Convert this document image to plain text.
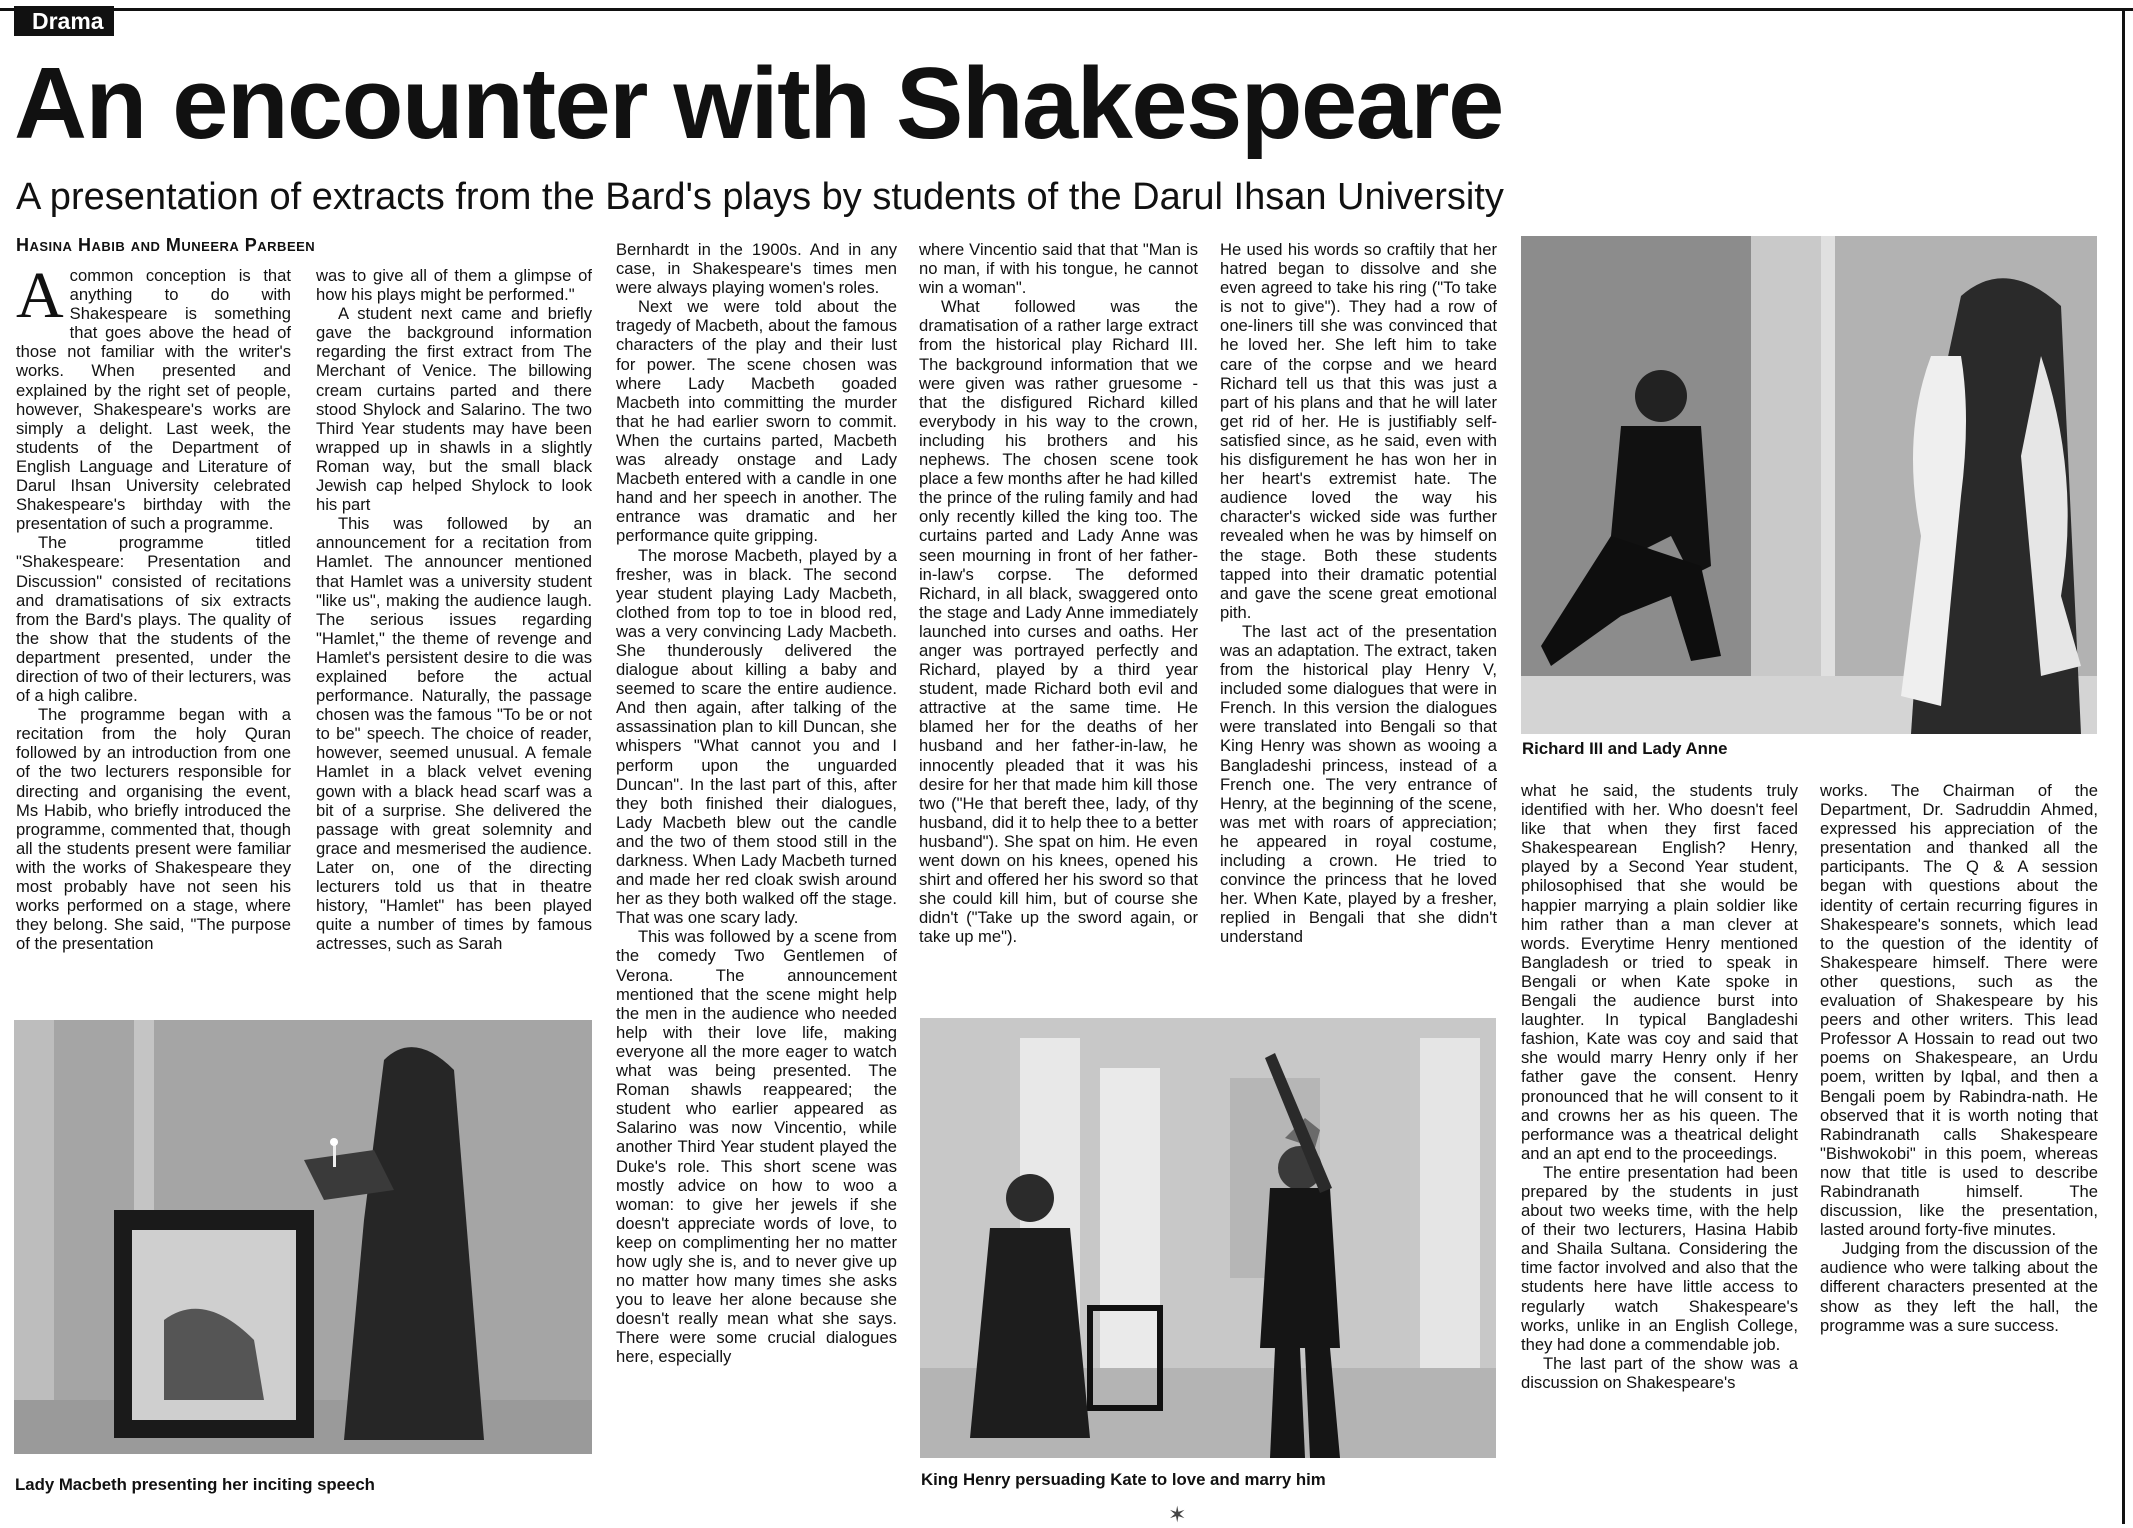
Drama
An encounter with Shakespeare
A presentation of extracts from the Bard's plays by students of the Darul Ihsan University
Hasina Habib and Muneera Parbeen

Acommon conception is that anything to do with Shakespeare is something that goes above the head of those not familiar with the writer's works. When presented and explained by the right set of people, however, Shakespeare's works are simply a delight. Last week, the students of the Department of English Language and Literature of Darul Ihsan University celebrated Shakespeare's birthday with the presentation of such a programme.

The programme titled "Shakespeare: Presentation and Discussion" consisted of recitations and dramatisations of six extracts from the Bard's plays. The quality of the show that the students of the department presented, under the direction of two of their lecturers, was of a high calibre.

The programme began with a recitation from the holy Quran followed by an introduction from one of the two lecturers responsible for directing and organising the event, Ms Habib, who briefly introduced the programme, commented that, though all the students present were familiar with the works of Shakespeare they most probably have not seen his works performed on a stage, where they belong. She said, "The purpose of the presentation

was to give all of them a glimpse of how his plays might be performed."

A student next came and briefly gave the background information regarding the first extract from The Merchant of Venice. The billowing cream curtains parted and there stood Shylock and Salarino. The two Third Year students may have been wrapped up in shawls in a slightly Roman way, but the small black Jewish cap helped Shylock to look his part

This was followed by an announcement for a recitation from Hamlet. The announcer mentioned that Hamlet was a university student "like us", making the audience laugh. The serious issues regarding "Hamlet," the theme of revenge and Hamlet's persistent desire to die was explained before the actual performance. Naturally, the passage chosen was the famous "To be or not to be" speech. The choice of reader, however, seemed unusual. A female Hamlet in a black velvet evening gown with a black head scarf was a bit of a surprise. She delivered the passage with great solemnity and grace and mesmerised the audience. Later on, one of the directing lecturers told us that in theatre history, "Hamlet" has been played quite a number of times by famous actresses, such as Sarah

Bernhardt in the 1900s. And in any case, in Shakespeare's times men were always playing women's roles.

Next we were told about the tragedy of Macbeth, about the famous characters of the play and their lust for power. The scene chosen was where Lady Macbeth goaded Macbeth into committing the murder that he had earlier sworn to commit. When the curtains parted, Macbeth was already onstage and Lady Macbeth entered with a candle in one hand and her speech in another. The entrance was dramatic and her performance quite gripping.

The morose Macbeth, played by a fresher, was in black. The second year student playing Lady Macbeth, clothed from top to toe in blood red, was a very convincing Lady Macbeth. She thunderously delivered the dialogue about killing a baby and seemed to scare the entire audience. And then again, after talking of the assassination plan to kill Duncan, she whispers "What cannot you and I perform upon the unguarded Duncan". In the last part of this, after they both finished their dialogues, Lady Macbeth blew out the candle and the two of them stood still in the darkness. When Lady Macbeth turned and made her red cloak swish around her as they both walked off the stage. That was one scary lady.

This was followed by a scene from the comedy Two Gentlemen of Verona. The announcement mentioned that the scene might help the men in the audience who needed help with their love life, making everyone all the more eager to watch what was being presented. The Roman shawls reappeared; the student who earlier appeared as Salarino was now Vincentio, while another Third Year student played the Duke's role. This short scene was mostly advice on how to woo a woman: to give her jewels if she doesn't appreciate words of love, to keep on complimenting her no matter how ugly she is, and to never give up no matter how many times she asks you to leave her alone because she doesn't really mean what she says. There were some crucial dialogues here, especially

where Vincentio said that that "Man is no man, if with his tongue, he cannot win a woman".

What followed was the dramatisation of a rather large extract from the historical play Richard III. The background information that we were given was rather gruesome - that the disfigured Richard killed everybody in his way to the crown, including his brothers and his nephews. The chosen scene took place a few months after he had killed the prince of the ruling family and had only recently killed the king too. The curtains parted and Lady Anne was seen mourning in front of her father-in-law's corpse. The deformed Richard, in all black, swaggered onto the stage and Lady Anne immediately launched into curses and oaths. Her anger was portrayed perfectly and Richard, played by a third year student, made Richard both evil and attractive at the same time. He blamed her for the deaths of her husband and her father-in-law, he innocently pleaded that it was his desire for her that made him kill those two ("He that bereft thee, lady, of thy husband, did it to help thee to a better husband"). She spat on him. He even went down on his knees, opened his shirt and offered her his sword so that she could kill him, but of course she didn't ("Take up the sword again, or take up me").

He used his words so craftily that her hatred began to dissolve and she even agreed to take his ring ("To take is not to give"). They had a row of one-liners till she was convinced that he loved her. She left him to take care of the corpse and we heard Richard tell us that this was just a part of his plans and that he will later get rid of her. He is justifiably self-satisfied since, as he said, even with his disfigurement he has won her in her heart's extremist hate. The audience loved the way his character's wicked side was further revealed when he was by himself on the stage. Both these students tapped into their dramatic potential and gave the scene great emotional pith.

The last act of the presentation was an adaptation. The extract, taken from the historical play Henry V, included some dialogues that were in French. In this version the dialogues were translated into Bengali so that King Henry was shown as wooing a Bangladeshi princess, instead of a French one. The very entrance of Henry, at the beginning of the scene, was met with roars of appreciation; he appeared in royal costume, including a crown. He tried to convince the princess that he loved her. When Kate, played by a fresher, replied in Bengali that she didn't understand

what he said, the students truly identified with her. Who doesn't feel like that when they first faced Shakespearean English? Henry, played by a Second Year student, philosophised that she would be happier marrying a plain soldier like him rather than a man clever at words. Everytime Henry mentioned Bangladesh or tried to speak in Bengali or when Kate spoke in Bengali the audience burst into laughter. In typical Bangladeshi fashion, Kate was coy and said that she would marry Henry only if her father gave the consent. Henry pronounced that he will consent to it and crowns her as his queen. The performance was a theatrical delight and an apt end to the proceedings.

The entire presentation had been prepared by the students in just about two weeks time, with the help of their two lecturers, Hasina Habib and Shaila Sultana. Considering the time factor involved and also that the students here have little access to regularly watch Shakespeare's works, unlike in an English College, they had done a commendable job.

The last part of the show was a discussion on Shakespeare's

works. The Chairman of the Department, Dr. Sadruddin Ahmed, expressed his appreciation of the presentation and thanked all the participants. The Q & A session began with questions about the identity of certain recurring figures in Shakespeare's sonnets, which lead to the question of the identity of Shakespeare himself. There were other questions, such as the evaluation of Shakespeare by his peers and other writers. This lead Professor A Hossain to read out two poems on Shakespeare, an Urdu poem, written by Iqbal, and then a Bengali poem by Rabindra-nath. He observed that it is worth noting that Rabindranath calls Shakespeare "Bishwokobi" in this poem, whereas now that title is used to describe Rabindranath himself. The discussion, like the presentation, lasted around forty-five minutes.

Judging from the discussion of the audience who were talking about the different characters presented at the show as they left the hall, the programme was a sure success.

Richard III and Lady Anne
Lady Macbeth presenting her inciting speech	King Henry persuading Kate to love and marry him
✶
